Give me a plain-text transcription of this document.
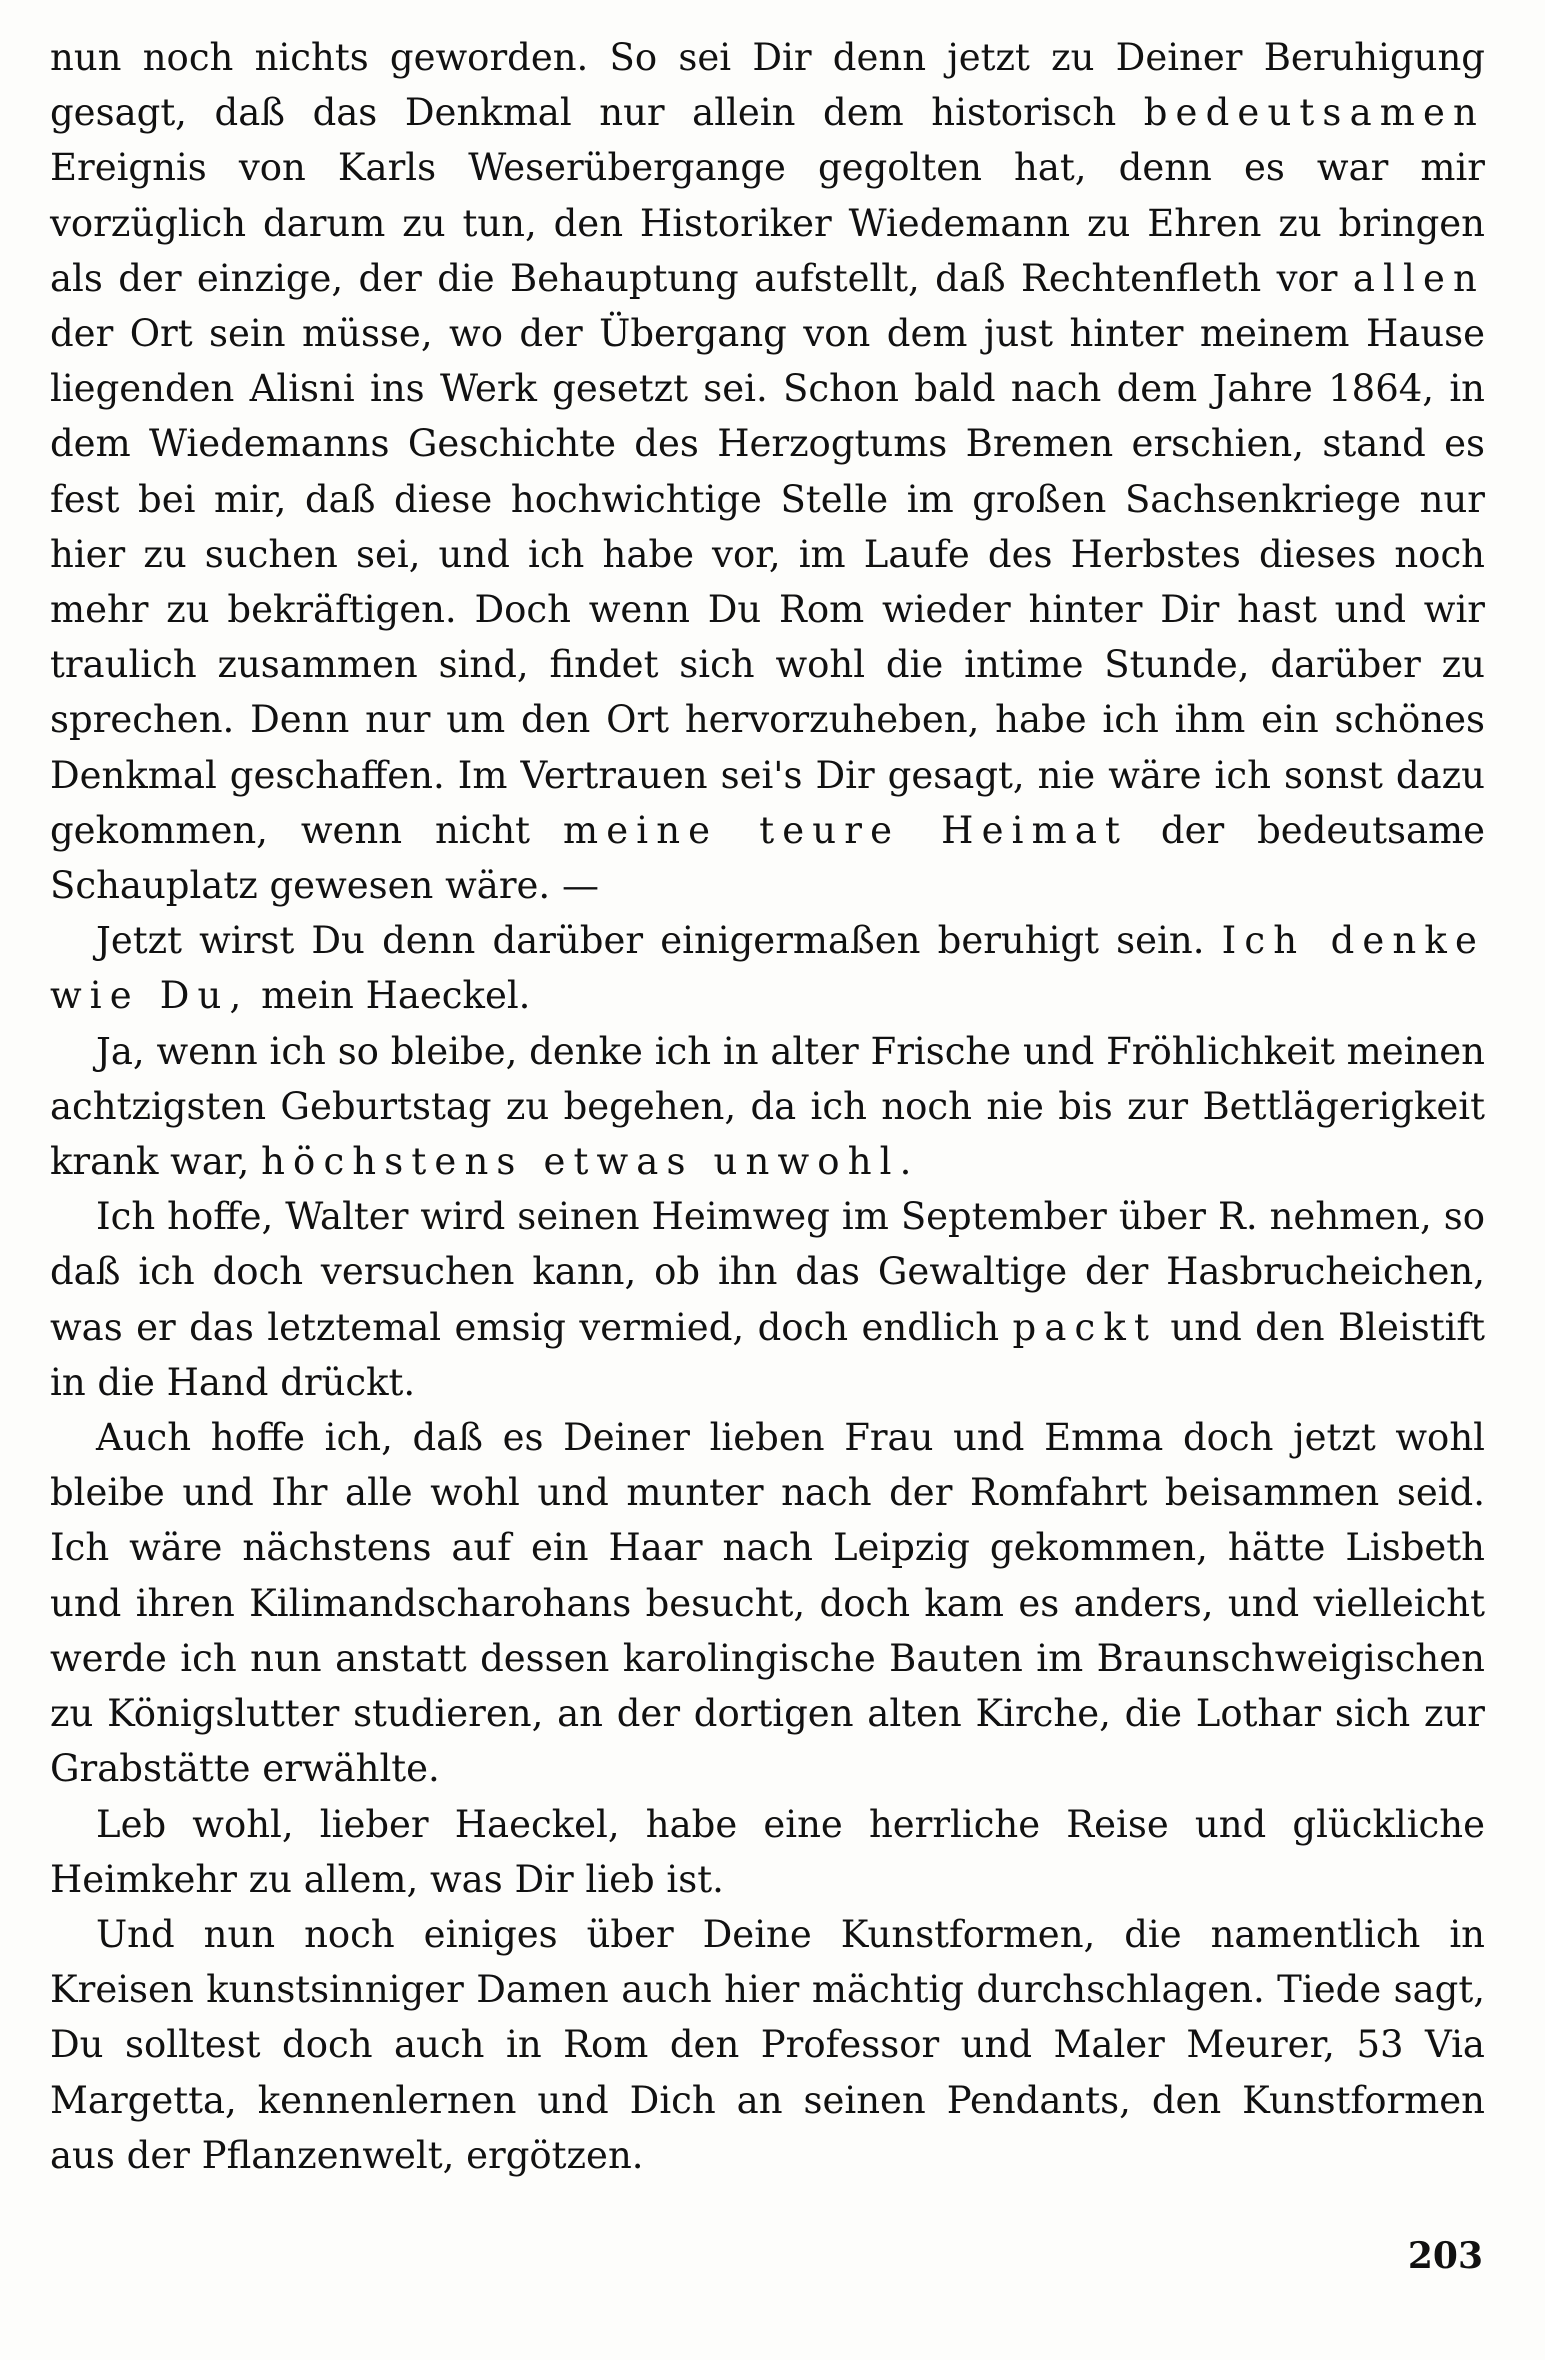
nun noch nichts geworden. So sei Dir denn jetzt zu Deiner Beruhigung gesagt, daß das Denkmal nur allein dem historisch bedeutsamen Ereignis von Karls Weserübergange gegolten hat, denn es war mir vorzüglich darum zu tun, den Historiker Wiedemann zu Ehren zu bringen als der einzige, der die Behauptung aufstellt, daß Rechtenfleth vor allen der Ort sein müsse, wo der Übergang von dem just hinter meinem Hause liegenden Alisni ins Werk gesetzt sei. Schon bald nach dem Jahre 1864, in dem Wiedemanns Geschichte des Herzogtums Bremen erschien, stand es fest bei mir, daß diese hochwichtige Stelle im großen Sachsenkriege nur hier zu suchen sei, und ich habe vor, im Laufe des Herbstes dieses noch mehr zu bekräftigen. Doch wenn Du Rom wieder hinter Dir hast und wir traulich zusammen sind, findet sich wohl die intime Stunde, darüber zu sprechen. Denn nur um den Ort hervorzuheben, habe ich ihm ein schönes Denkmal geschaffen. Im Vertrauen sei's Dir gesagt, nie wäre ich sonst dazu gekommen, wenn nicht meine teure Heimat der bedeutsame Schauplatz gewesen wäre. —

Jetzt wirst Du denn darüber einigermaßen beruhigt sein. Ich denke wie Du, mein Haeckel.

Ja, wenn ich so bleibe, denke ich in alter Frische und Fröhlichkeit meinen achtzigsten Geburtstag zu begehen, da ich noch nie bis zur Bettlägerigkeit krank war, höchstens etwas unwohl.

Ich hoffe, Walter wird seinen Heimweg im September über R. nehmen, so daß ich doch versuchen kann, ob ihn das Gewaltige der Hasbrucheichen, was er das letztemal emsig vermied, doch endlich packt und den Bleistift in die Hand drückt.

Auch hoffe ich, daß es Deiner lieben Frau und Emma doch jetzt wohl bleibe und Ihr alle wohl und munter nach der Romfahrt beisammen seid. Ich wäre nächstens auf ein Haar nach Leipzig gekommen, hätte Lisbeth und ihren Kilimandscharohans besucht, doch kam es anders, und vielleicht werde ich nun anstatt dessen karolingische Bauten im Braunschweigischen zu Königslutter studieren, an der dortigen alten Kirche, die Lothar sich zur Grabstätte erwählte.

Leb wohl, lieber Haeckel, habe eine herrliche Reise und glückliche Heimkehr zu allem, was Dir lieb ist.

Und nun noch einiges über Deine Kunstformen, die namentlich in Kreisen kunstsinniger Damen auch hier mächtig durchschlagen. Tiede sagt, Du solltest doch auch in Rom den Professor und Maler Meurer, 53 Via Margetta, kennenlernen und Dich an seinen Pendants, den Kunstformen aus der Pflanzenwelt, ergötzen.

203
